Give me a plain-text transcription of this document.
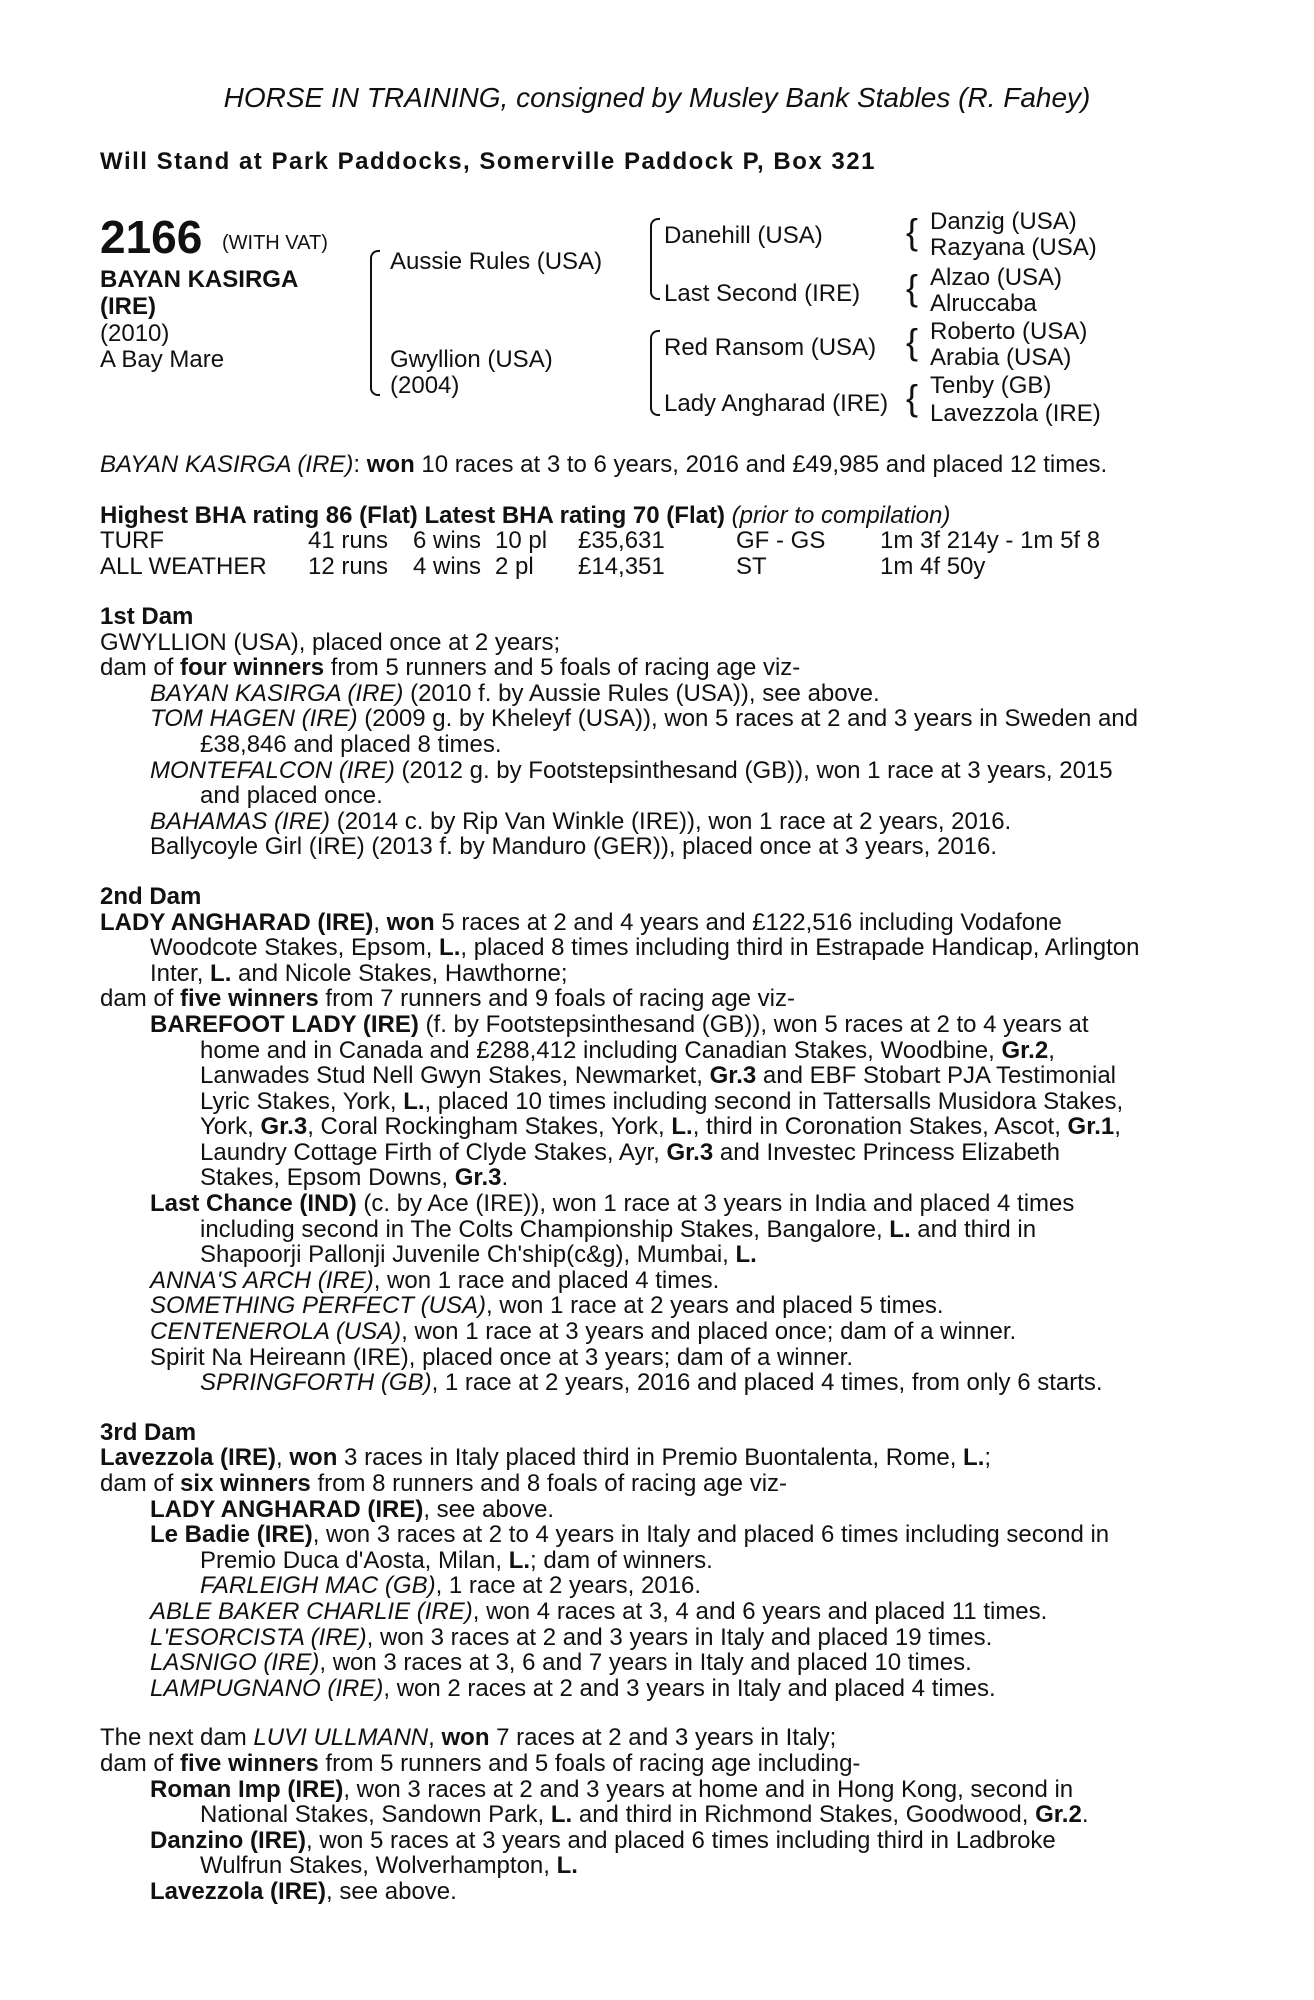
HORSE IN TRAINING, consigned by Musley Bank Stables (R. Fahey)
Will Stand at Park Paddocks, Somerville Paddock P, Box 321
2166 (WITH VAT)
BAYAN KASIRGA
(IRE)
(2010)
A Bay Mare
Aussie Rules (USA)
Gwyllion (USA)
(2004)
Danehill (USA)
Last Second (IRE)
Red Ransom (USA)
Lady Angharad (IRE)
{ Danzig (USA)
Razyana (USA)
{ Alzao (USA)
Alruccaba
{ Roberto (USA)
Arabia (USA)
{ Tenby (GB)
Lavezzola (IRE)
BAYAN KASIRGA (IRE): won 10 races at 3 to 6 years, 2016 and £49,985 and placed 12 times.
Highest BHA rating 86 (Flat) Latest BHA rating 70 (Flat) (prior to compilation)
TURF	41 runs 6 wins 10 pl £35,631	GF - GS 1m 3f 214y - 1m 5f 8
ALL WEATHER 12 runs 4 wins 2 pl £14,351	ST	1m 4f 50y
1st Dam
GWYLLION (USA), placed once at 2 years;
dam of four winners from 5 runners and 5 foals of racing age viz-
BAYAN KASIRGA (IRE) (2010 f. by Aussie Rules (USA)), see above.
TOM HAGEN (IRE) (2009 g. by Kheleyf (USA)), won 5 races at 2 and 3 years in Sweden and
£38,846 and placed 8 times.
MONTEFALCON (IRE) (2012 g. by Footstepsinthesand (GB)), won 1 race at 3 years, 2015
and placed once.
BAHAMAS (IRE) (2014 c. by Rip Van Winkle (IRE)), won 1 race at 2 years, 2016.
Ballycoyle Girl (IRE) (2013 f. by Manduro (GER)), placed once at 3 years, 2016.
2nd Dam
LADY ANGHARAD (IRE), won 5 races at 2 and 4 years and £122,516 including Vodafone
Woodcote Stakes, Epsom, L., placed 8 times including third in Estrapade Handicap, Arlington
Inter, L. and Nicole Stakes, Hawthorne;
dam of five winners from 7 runners and 9 foals of racing age viz-
BAREFOOT LADY (IRE) (f. by Footstepsinthesand (GB)), won 5 races at 2 to 4 years at
home and in Canada and £288,412 including Canadian Stakes, Woodbine, Gr.2,
Lanwades Stud Nell Gwyn Stakes, Newmarket, Gr.3 and EBF Stobart PJA Testimonial
Lyric Stakes, York, L., placed 10 times including second in Tattersalls Musidora Stakes,
York, Gr.3, Coral Rockingham Stakes, York, L., third in Coronation Stakes, Ascot, Gr.1,
Laundry Cottage Firth of Clyde Stakes, Ayr, Gr.3 and Investec Princess Elizabeth
Stakes, Epsom Downs, Gr.3.
Last Chance (IND) (c. by Ace (IRE)), won 1 race at 3 years in India and placed 4 times
including second in The Colts Championship Stakes, Bangalore, L. and third in
Shapoorji Pallonji Juvenile Ch'ship(c&g), Mumbai, L.
ANNA'S ARCH (IRE), won 1 race and placed 4 times.
SOMETHING PERFECT (USA), won 1 race at 2 years and placed 5 times.
CENTENEROLA (USA), won 1 race at 3 years and placed once; dam of a winner.
Spirit Na Heireann (IRE), placed once at 3 years; dam of a winner.
SPRINGFORTH (GB), 1 race at 2 years, 2016 and placed 4 times, from only 6 starts.
3rd Dam
Lavezzola (IRE), won 3 races in Italy placed third in Premio Buontalenta, Rome, L.;
dam of six winners from 8 runners and 8 foals of racing age viz-
LADY ANGHARAD (IRE), see above.
Le Badie (IRE), won 3 races at 2 to 4 years in Italy and placed 6 times including second in
Premio Duca d'Aosta, Milan, L.; dam of winners.
FARLEIGH MAC (GB), 1 race at 2 years, 2016.
ABLE BAKER CHARLIE (IRE), won 4 races at 3, 4 and 6 years and placed 11 times.
L'ESORCISTA (IRE), won 3 races at 2 and 3 years in Italy and placed 19 times.
LASNIGO (IRE), won 3 races at 3, 6 and 7 years in Italy and placed 10 times.
LAMPUGNANO (IRE), won 2 races at 2 and 3 years in Italy and placed 4 times.
The next dam LUVI ULLMANN, won 7 races at 2 and 3 years in Italy;
dam of five winners from 5 runners and 5 foals of racing age including-
Roman Imp (IRE), won 3 races at 2 and 3 years at home and in Hong Kong, second in
National Stakes, Sandown Park, L. and third in Richmond Stakes, Goodwood, Gr.2.
Danzino (IRE), won 5 races at 3 years and placed 6 times including third in Ladbroke
Wulfrun Stakes, Wolverhampton, L.
Lavezzola (IRE), see above.
